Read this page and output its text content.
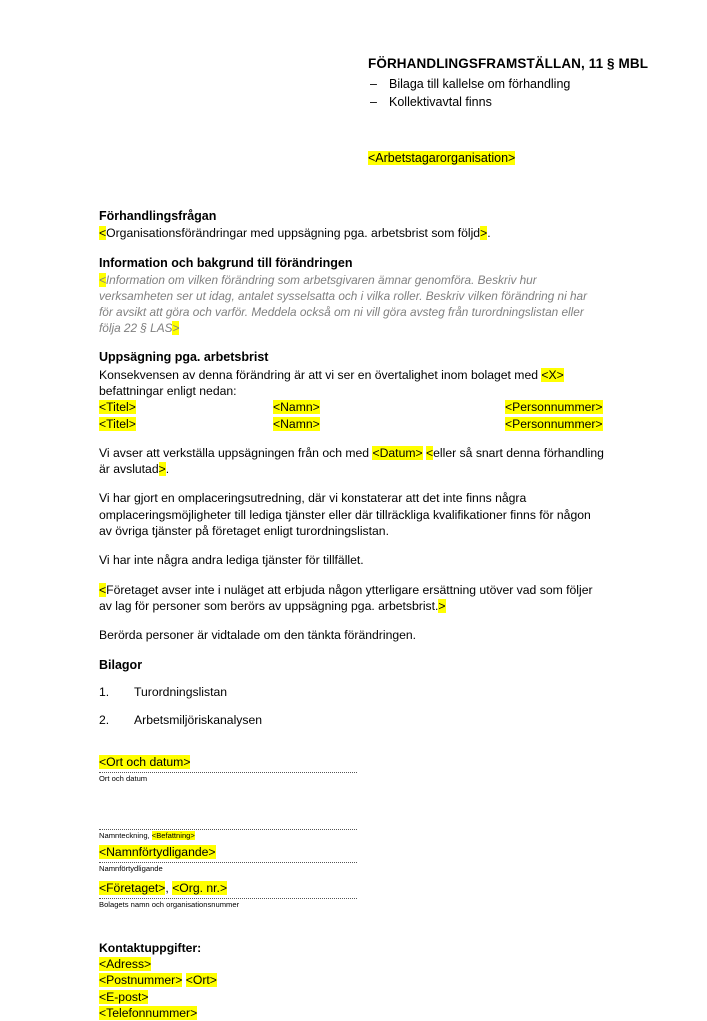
FÖRHANDLINGSFRAMSTÄLLAN, 11 § MBL
– Bilaga till kallelse om förhandling
– Kollektivavtal finns
<Arbetstagarorganisation>
Förhandlingsfrågan

<Organisationsförändringar med uppsägning pga. arbetsbrist som följd>.

Information och bakgrund till förändringen

<Information om vilken förändring som arbetsgivaren ämnar genomföra. Beskriv hur verksamheten ser ut idag, antalet sysselsatta och i vilka roller. Beskriv vilken förändring ni har för avsikt att göra och varför. Meddela också om ni vill göra avsteg från turordningslistan eller följa 22 § LAS>

Uppsägning pga. arbetsbrist

Konsekvensen av denna förändring är att vi ser en övertalighet inom bolaget med <X>
befattningar enligt nedan:

<Titel>	<Namn>	<Personnummer>
<Titel>	<Namn>	<Personnummer>

Vi avser att verkställa uppsägningen från och med <Datum> <eller så snart denna förhandling är avslutad>.

Vi har gjort en omplaceringsutredning, där vi konstaterar att det inte finns några omplaceringsmöjligheter till lediga tjänster eller där tillräckliga kvalifikationer finns för någon av övriga tjänster på företaget enligt turordningslistan.

Vi har inte några andra lediga tjänster för tillfället.

<Företaget avser inte i nuläget att erbjuda någon ytterligare ersättning utöver vad som följer av lag för personer som berörs av uppsägning pga. arbetsbrist.>

Berörda personer är vidtalade om den tänkta förändringen.

Bilagor
1. Turordningslistan
2. Arbetsmiljöriskanalysen

<Ort och datum>

Ort och datum

Namnteckning, <Befattning>

<Namnförtydligande>

Namnförtydligande

<Företaget>, <Org. nr.>

Bolagets namn och organisationsnummer

Kontaktuppgifter:

<Adress>

<Postnummer> <Ort>

<E-post>

<Telefonnummer>
